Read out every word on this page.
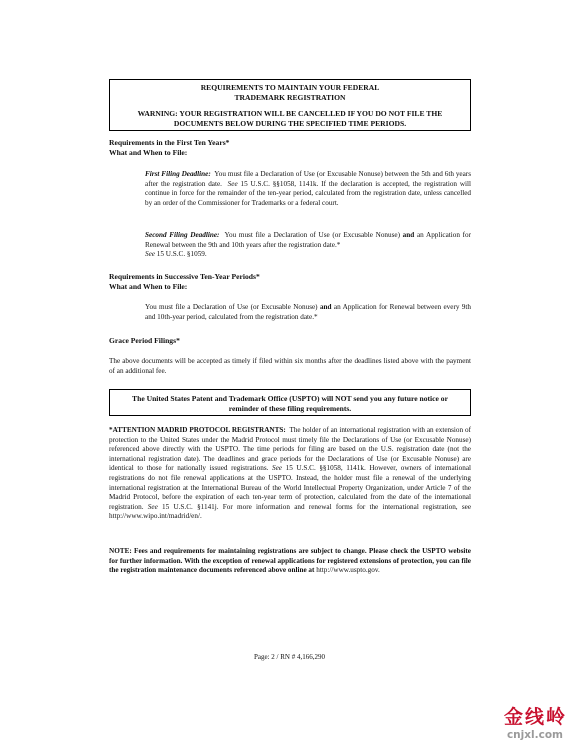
REQUIREMENTS TO MAINTAIN YOUR FEDERAL
TRADEMARK REGISTRATION
WARNING: YOUR REGISTRATION WILL BE CANCELLED IF YOU DO NOT FILE THE
DOCUMENTS BELOW DURING THE SPECIFIED TIME PERIODS.
Requirements in the First Ten Years*
What and When to File:
First Filing Deadline: You must file a Declaration of Use (or Excusable Nonuse) between the 5th and 6th years after the registration date. See 15 U.S.C. §§1058, 1141k. If the declaration is accepted, the registration will continue in force for the remainder of the ten-year period, calculated from the registration date, unless cancelled by an order of the Commissioner for Trademarks or a federal court.
Second Filing Deadline: You must file a Declaration of Use (or Excusable Nonuse) and an Application for Renewal between the 9th and 10th years after the registration date.*
See 15 U.S.C. §1059.
Requirements in Successive Ten-Year Periods*
What and When to File:
You must file a Declaration of Use (or Excusable Nonuse) and an Application for Renewal between every 9th and 10th-year period, calculated from the registration date.*
Grace Period Filings*
The above documents will be accepted as timely if filed within six months after the deadlines listed above with the payment of an additional fee.
The United States Patent and Trademark Office (USPTO) will NOT send you any future notice or
reminder of these filing requirements.
*ATTENTION MADRID PROTOCOL REGISTRANTS: The holder of an international registration with an extension of protection to the United States under the Madrid Protocol must timely file the Declarations of Use (or Excusable Nonuse) referenced above directly with the USPTO. The time periods for filing are based on the U.S. registration date (not the international registration date). The deadlines and grace periods for the Declarations of Use (or Excusable Nonuse) are identical to those for nationally issued registrations. See 15 U.S.C. §§1058, 1141k. However, owners of international registrations do not file renewal applications at the USPTO. Instead, the holder must file a renewal of the underlying international registration at the International Bureau of the World Intellectual Property Organization, under Article 7 of the Madrid Protocol, before the expiration of each ten-year term of protection, calculated from the date of the international registration. See 15 U.S.C. §1141j. For more information and renewal forms for the international registration, see http://www.wipo.int/madrid/en/.
NOTE: Fees and requirements for maintaining registrations are subject to change. Please check the USPTO website for further information. With the exception of renewal applications for registered extensions of protection, you can file the registration maintenance documents referenced above online at http://www.uspto.gov.
Page: 2 / RN # 4,166,290
金线岭
cnjxl.com
